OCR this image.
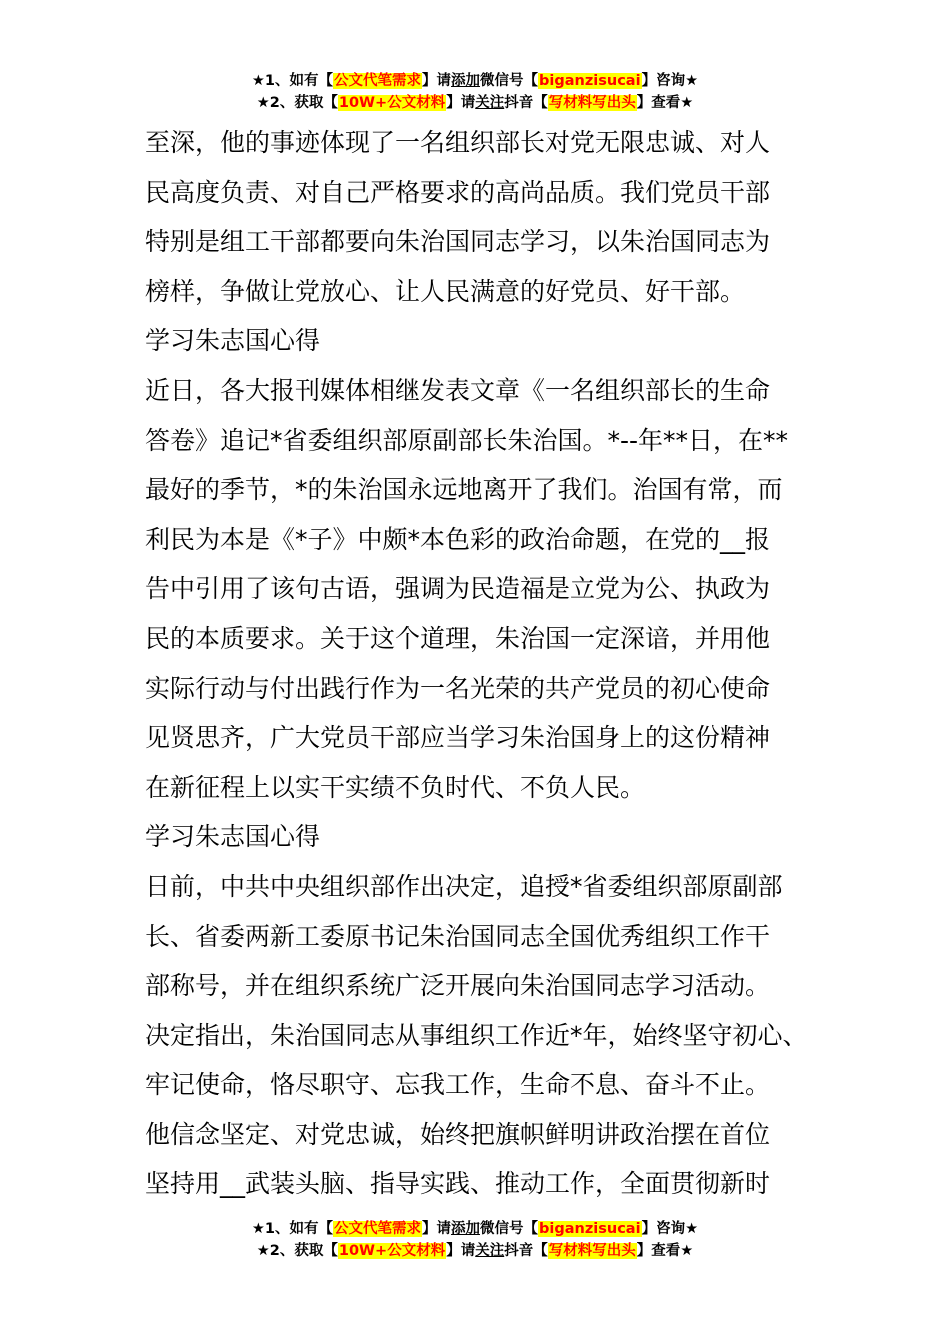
★1、如有【公文代笔需求】请添加微信号【biganzisucai】咨询★
★2、获取【10W+公文材料】请关注抖音【写材料写出头】查看★
至深，他的事迹体现了一名组织部长对党无限忠诚、对人
民高度负责、对自己严格要求的高尚品质。我们党员干部
特别是组工干部都要向朱治国同志学习，以朱治国同志为
榜样，争做让党放心、让人民满意的好党员、好干部。
学习朱志国心得
近日，各大报刊媒体相继发表文章《一名组织部长的生命
答卷》追记*省委组织部原副部长朱治国。*--年**日，在**
最好的季节，*的朱治国永远地离开了我们。治国有常，而
利民为本是《*子》中颇*本色彩的政治命题，在党的__报
告中引用了该句古语，强调为民造福是立党为公、执政为
民的本质要求。关于这个道理，朱治国一定深谙，并用他
实际行动与付出践行作为一名光荣的共产党员的初心使命
见贤思齐，广大党员干部应当学习朱治国身上的这份精神
在新征程上以实干实绩不负时代、不负人民。
学习朱志国心得
日前，中共中央组织部作出决定，追授*省委组织部原副部
长、省委两新工委原书记朱治国同志全国优秀组织工作干
部称号，并在组织系统广泛开展向朱治国同志学习活动。
决定指出，朱治国同志从事组织工作近*年，始终坚守初心、
牢记使命，恪尽职守、忘我工作，生命不息、奋斗不止。
他信念坚定、对党忠诚，始终把旗帜鲜明讲政治摆在首位
坚持用__武装头脑、指导实践、推动工作，全面贯彻新时
★1、如有【公文代笔需求】请添加微信号【biganzisucai】咨询★
★2、获取【10W+公文材料】请关注抖音【写材料写出头】查看★
